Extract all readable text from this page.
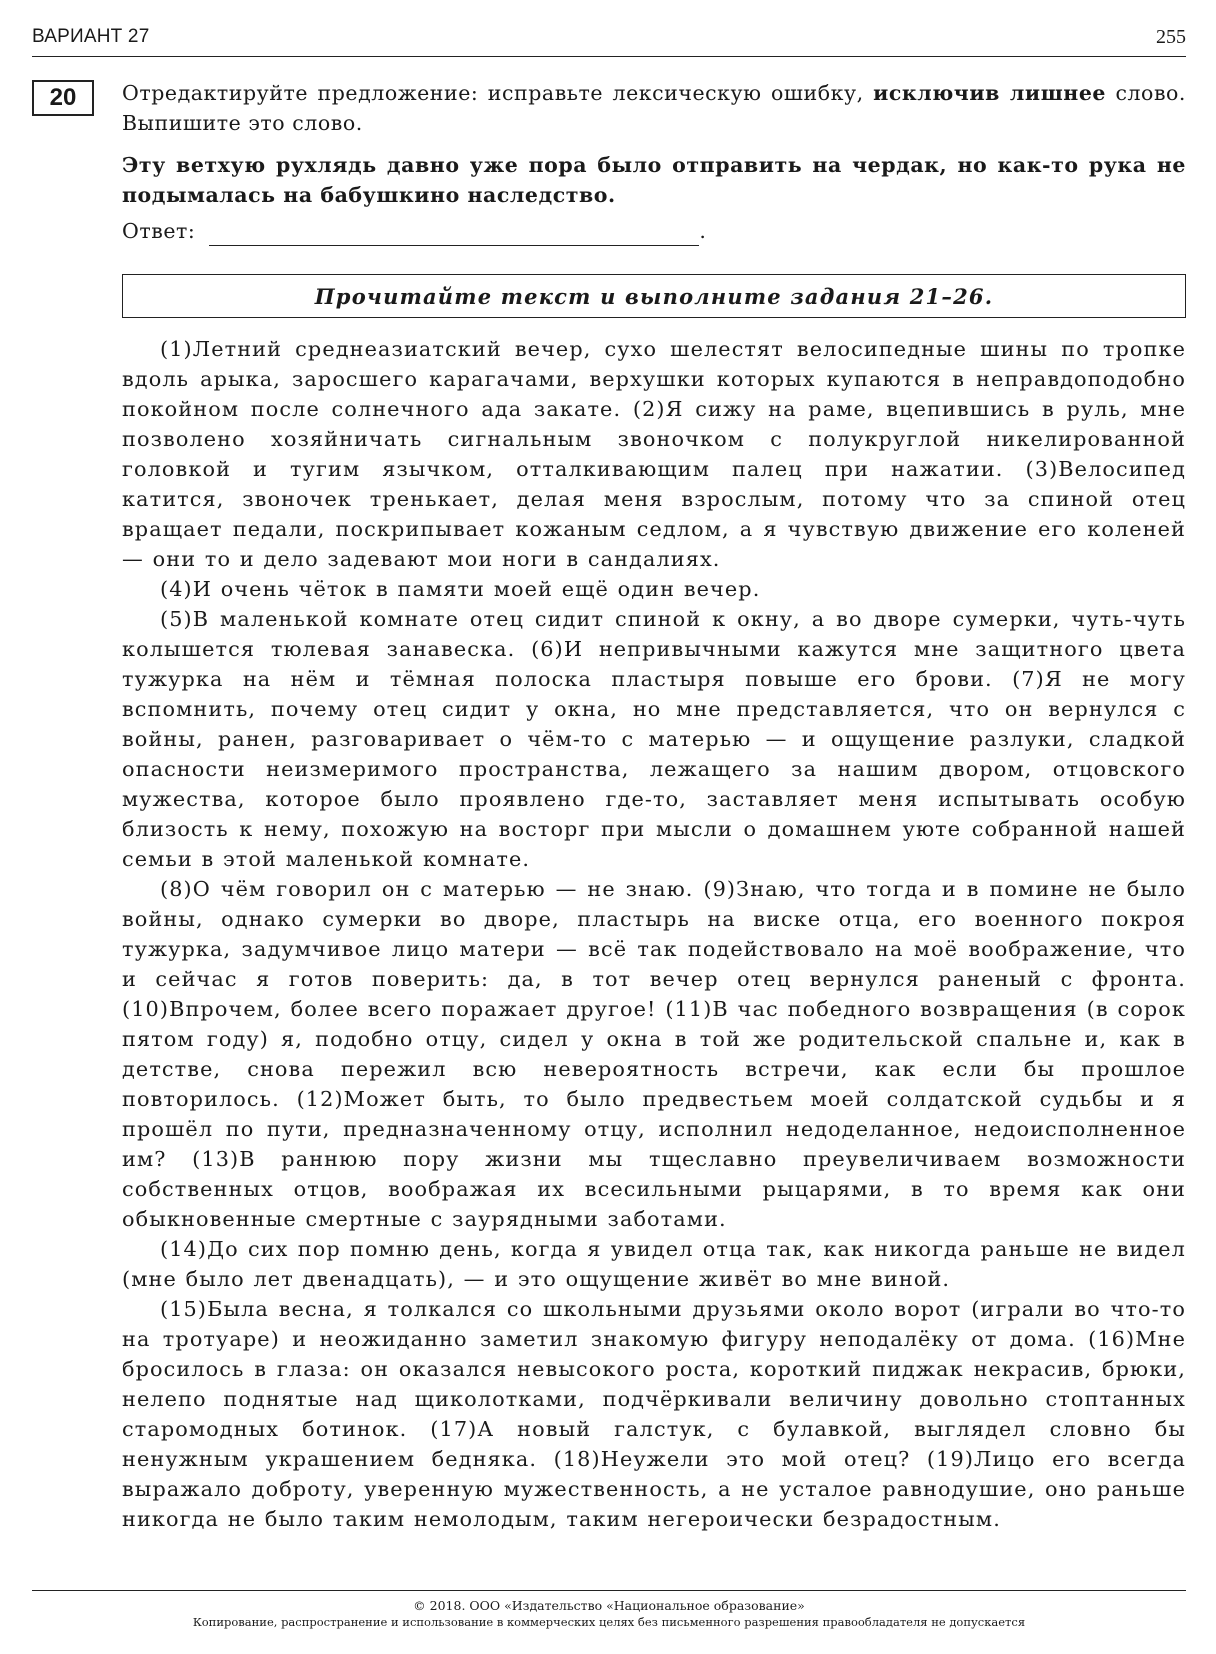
ВАРИАНТ 27	255
20	Отредактируйте предложение: исправьте лексическую ошибку, исключив лишнее слово. Выпишите это слово.

Эту ветхую рухлядь давно уже пора было отправить на чердак, но как-то рука не подымалась на бабушкино наследство.

Ответ:	.

Прочитайте текст и выполните задания 21–26.

(1)Летний среднеазиатский вечер, сухо шелестят велосипедные шины по тропке вдоль арыка, заросшего карагачами, верхушки которых купаются в неправдоподобно покойном после солнечного ада закате. (2)Я сижу на раме, вцепившись в руль, мне позволено хозяйничать сигнальным звоночком с полукруглой никелированной головкой и тугим язычком, отталкивающим палец при нажатии. (3)Велосипед катится, звоночек тренькает, делая меня взрослым, потому что за спиной отец вращает педали, поскрипывает кожаным седлом, а я чувствую движение его коленей — они то и дело задевают мои ноги в сандалиях.

(4)И очень чёток в памяти моей ещё один вечер.

(5)В маленькой комнате отец сидит спиной к окну, а во дворе сумерки, чуть-чуть колышется тюлевая занавеска. (6)И непривычными кажутся мне защитного цвета тужурка на нём и тёмная полоска пластыря повыше его брови. (7)Я не могу вспомнить, почему отец сидит у окна, но мне представляется, что он вернулся с войны, ранен, разговаривает о чём-то с матерью — и ощущение разлуки, сладкой опасности неизмеримого пространства, лежащего за нашим двором, отцовского мужества, которое было проявлено где-то, заставляет меня испытывать особую близость к нему, похожую на восторг при мысли о домашнем уюте собранной нашей семьи в этой маленькой комнате.

(8)О чём говорил он с матерью — не знаю. (9)Знаю, что тогда и в помине не было войны, однако сумерки во дворе, пластырь на виске отца, его военного покроя тужурка, задумчивое лицо матери — всё так подействовало на моё воображение, что и сейчас я готов поверить: да, в тот вечер отец вернулся раненый с фронта. (10)Впрочем, более всего поражает другое! (11)В час победного возвращения (в сорок пятом году) я, подобно отцу, сидел у окна в той же родительской спальне и, как в детстве, снова пережил всю невероятность встречи, как если бы прошлое повторилось. (12)Может быть, то было предвестьем моей солдатской судьбы и я прошёл по пути, предназначенному отцу, исполнил недоделанное, недоисполненное им? (13)В раннюю пору жизни мы тщеславно преувеличиваем возможности собственных отцов, воображая их всесильными рыцарями, в то время как они обыкновенные смертные с заурядными заботами.

(14)До сих пор помню день, когда я увидел отца так, как никогда раньше не видел (мне было лет двенадцать), — и это ощущение живёт во мне виной.

(15)Была весна, я толкался со школьными друзьями около ворот (играли во что-то на тротуаре) и неожиданно заметил знакомую фигуру неподалёку от дома. (16)Мне бросилось в глаза: он оказался невысокого роста, короткий пиджак некрасив, брюки, нелепо поднятые над щиколотками, подчёркивали величину довольно стоптанных старомодных ботинок. (17)А новый галстук, с булавкой, выглядел словно бы ненужным украшением бедняка. (18)Неужели это мой отец? (19)Лицо его всегда выражало доброту, уверенную мужественность, а не усталое равнодушие, оно раньше никогда не было таким немолодым, таким негероически безрадостным.

© 2018. ООО «Издательство «Национальное образование»
Копирование, распространение и использование в коммерческих целях без письменного разрешения правообладателя не допускается
